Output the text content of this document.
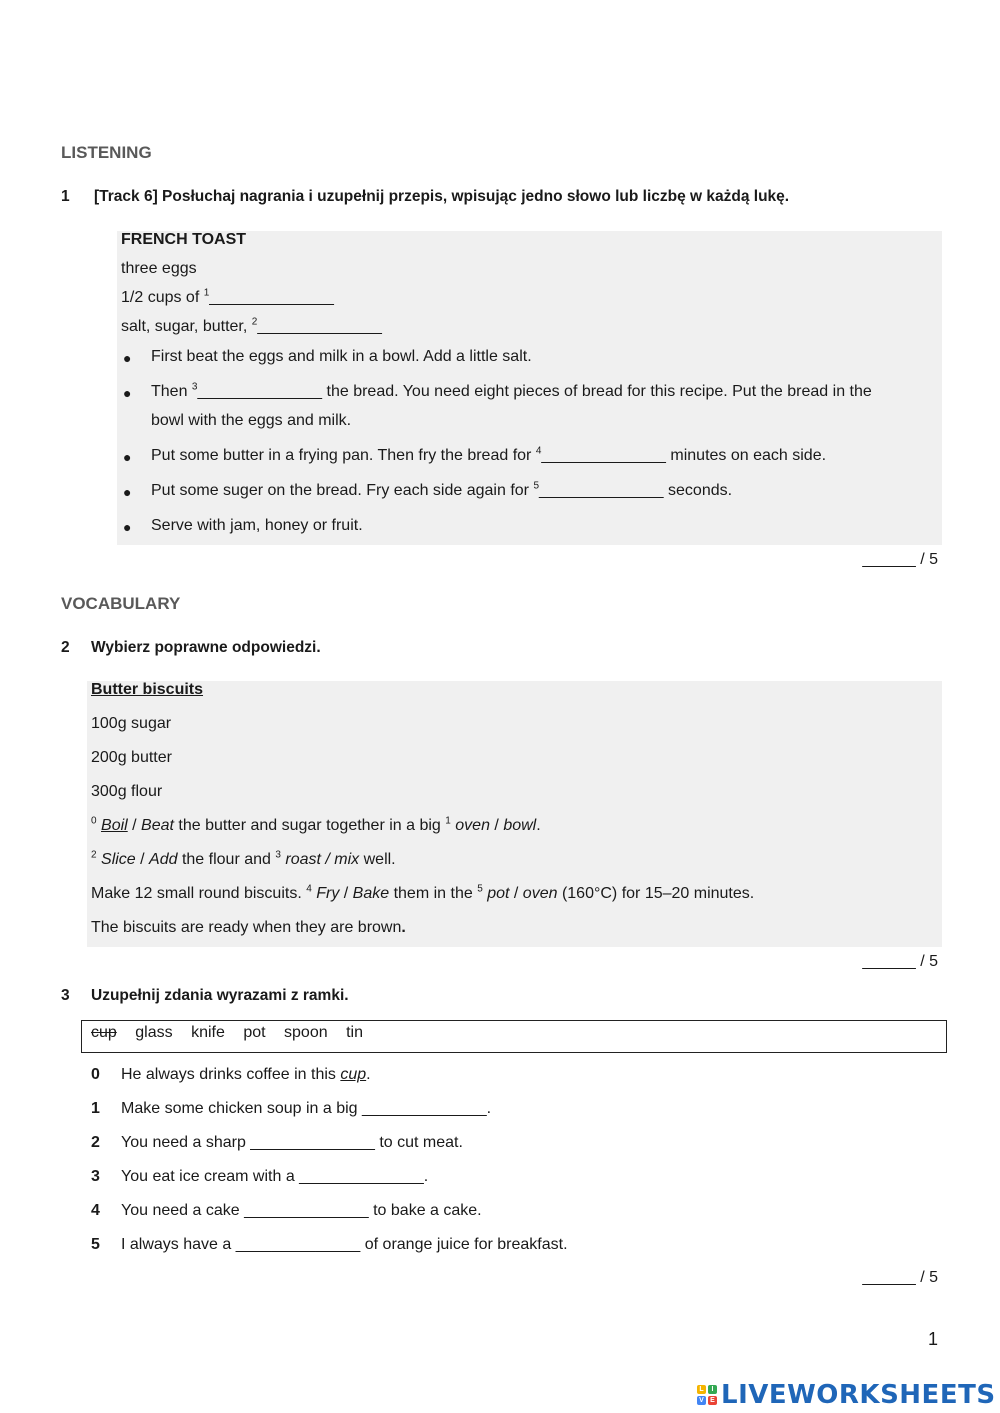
LISTENING
1 [Track 6] Posłuchaj nagrania i uzupełnij przepis, wpisując jedno słowo lub liczbę w każdą lukę.
FRENCH TOAST
three eggs
1/2 cups of $^1$______________
salt, sugar, butter, $^2$______________
● First beat the eggs and milk in a bowl. Add a little salt.
● Then $^3$______________ the bread. You need eight pieces of bread for this recipe. Put the bread in the
bowl with the eggs and milk.
● Put some butter in a frying pan. Then fry the bread for $^4$______________ minutes on each side.
● Put some suger on the bread. Fry each side again for $^5$______________ seconds.
● Serve with jam, honey or fruit.
______ / 5
VOCABULARY
2 Wybierz poprawne odpowiedzi.
Butter biscuits
100g sugar
200g butter
300g flour
$^0$ Boil / Beat the butter and sugar together in a big $^1$ oven / bowl.
$^2$ Slice / Add the flour and $^3$ roast / mix well.
Make 12 small round biscuits. $^4$ Fry / Bake them in the $^5$ pot / oven (160°C) for 15–20 minutes.
The biscuits are ready when they are brown.
______ / 5
3 Uzupełnij zdania wyrazami z ramki.
cup glass knife pot spoon tin
0 He always drinks coffee in this cup.
1 Make some chicken soup in a big ______________.
2 You need a sharp ______________ to cut meat.
3 You eat ice cream with a ______________.
4 You need a cake ______________ to bake a cake.
5 I always have a ______________ of orange juice for breakfast.
______ / 5
1
L	I
V E LIVEWORKSHEETS
